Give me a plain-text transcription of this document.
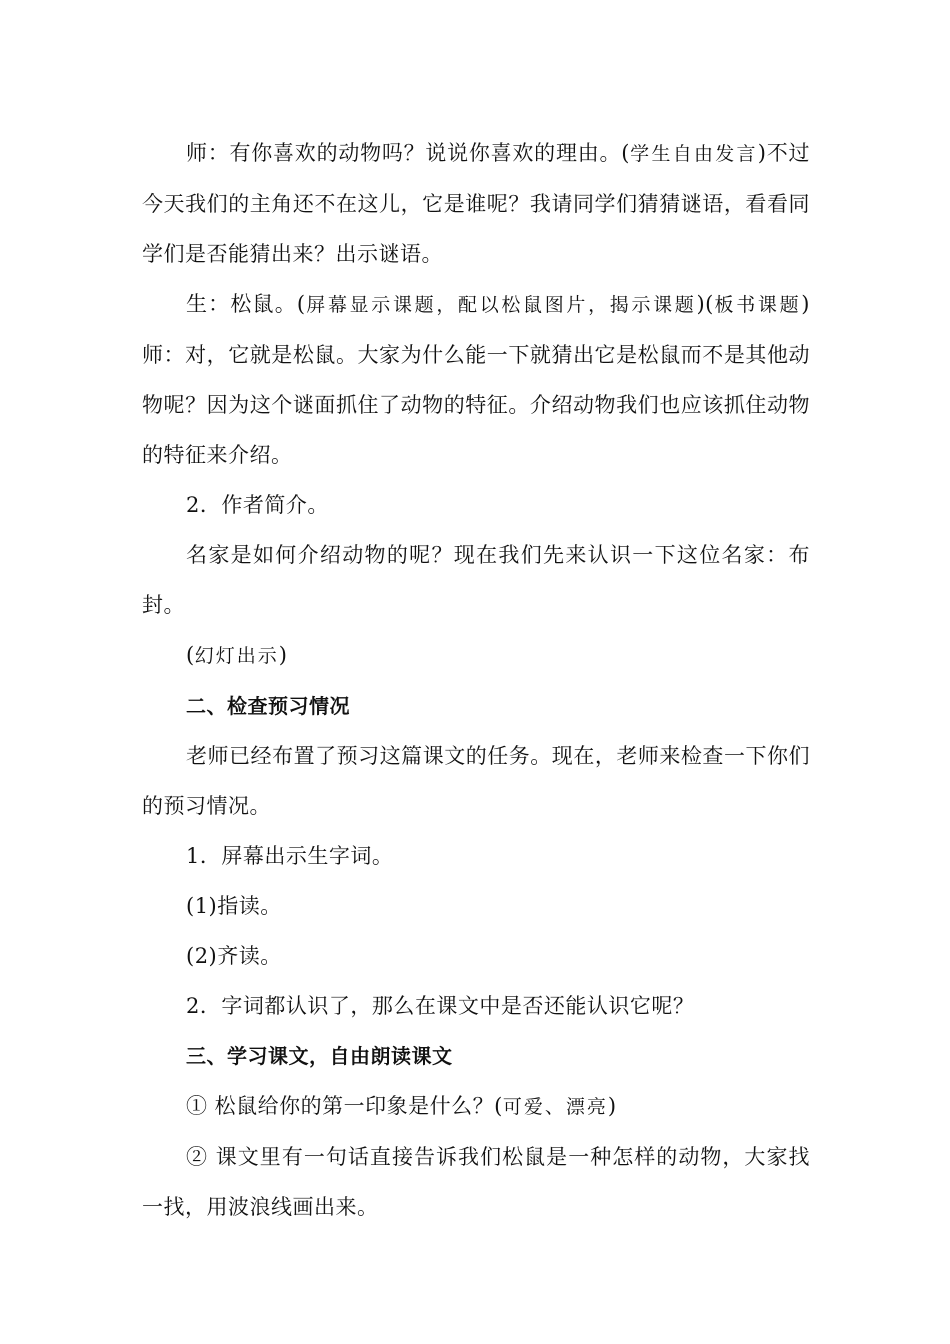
师：有你喜欢的动物吗？说说你喜欢的理由。(学生自由发言)不过今天我们的主角还不在这儿，它是谁呢？我请同学们猜猜谜语，看看同学们是否能猜出来？出示谜语。

生：松鼠。(屏幕显示课题，配以松鼠图片，揭示课题)(板书课题)师：对，它就是松鼠。大家为什么能一下就猜出它是松鼠而不是其他动物呢？因为这个谜面抓住了动物的特征。介绍动物我们也应该抓住动物的特征来介绍。

2．作者简介。

名家是如何介绍动物的呢？现在我们先来认识一下这位名家：布封。

(幻灯出示)

二、检查预习情况

老师已经布置了预习这篇课文的任务。现在，老师来检查一下你们的预习情况。

1．屏幕出示生字词。

(1)指读。

(2)齐读。

2．字词都认识了，那么在课文中是否还能认识它呢？

三、学习课文，自由朗读课文

① 松鼠给你的第一印象是什么？(可爱、漂亮)

② 课文里有一句话直接告诉我们松鼠是一种怎样的动物，大家找一找，用波浪线画出来。
